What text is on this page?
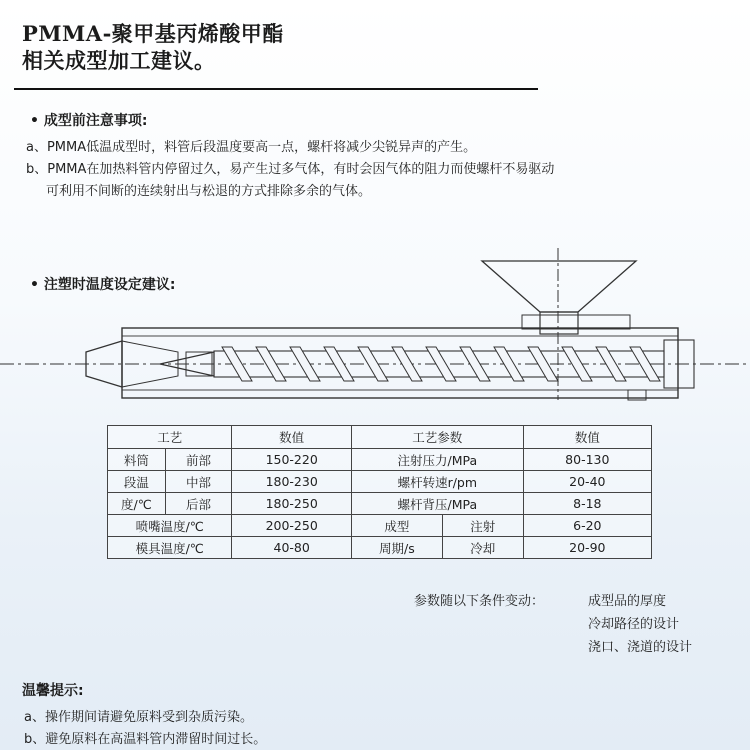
PMMA-聚甲基丙烯酸甲酯
相关成型加工建议。
• 成型前注意事项:
a、PMMA低温成型时，料管后段温度要高一点，螺杆将减少尖锐异声的产生。
b、PMMA在加热料管内停留过久，易产生过多气体，有时会因气体的阻力而使螺杆不易驱动
可利用不间断的连续射出与松退的方式排除多余的气体。
• 注塑时温度设定建议:
工艺		数值	工艺参数		数值
料筒	前部	150-220	注射压力/MPa		80-130
段温	中部	180-230	螺杆转速r/pm		20-40
度/℃	后部	180-250	螺杆背压/MPa		8-18
喷嘴温度/℃		200-250	成型	注射	6-20
模具温度/℃		40-80	周期/s	冷却	20-90
参数随以下条件变动：	成型品的厚度
冷却路径的设计
浇口、浇道的设计
温馨提示:
a、操作期间请避免原料受到杂质污染。
b、避免原料在高温料管内滞留时间过长。
